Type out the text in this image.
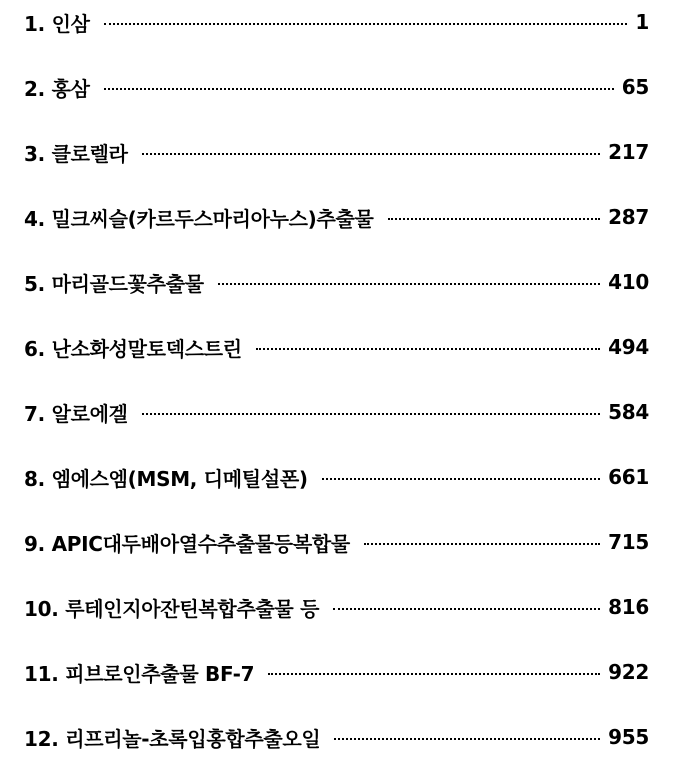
1. 인삼	1
2. 홍삼	65
3. 클로렐라	217
4. 밀크씨슬(카르두스마리아누스)추출물	287
5. 마리골드꽃추출물	410
6. 난소화성말토덱스트린	494
7. 알로에겔	584
8. 엠에스엠(MSM, 디메틸설폰)	661
9. APIC대두배아열수추출물등복합물	715
10. 루테인지아잔틴복합추출물 등	816
11. 피브로인추출물 BF-7	922
12. 리프리놀-초록입홍합추출오일	955
